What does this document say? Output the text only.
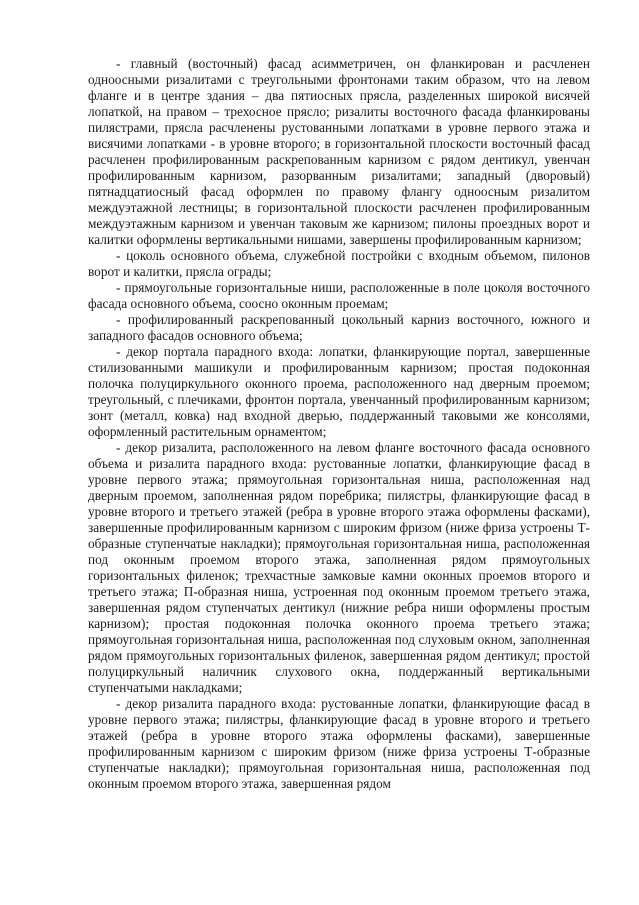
- главный (восточный) фасад асимметричен, он фланкирован и расчленен одноосными ризалитами с треугольными фронтонами таким образом, что на левом фланге и в центре здания – два пятиосных прясла, разделенных широкой висячей лопаткой, на правом – трехосное прясло; ризалиты восточного фасада фланкированы пилястрами, прясла расчленены рустованными лопатками в уровне первого этажа и висячими лопатками - в уровне второго; в горизонтальной плоскости восточный фасад расчленен профилированным раскрепованным карнизом с рядом дентикул, увенчан профилированным карнизом, разорванным ризалитами; западный (дворовый) пятнадцатиосный фасад оформлен по правому флангу одноосным ризалитом междуэтажной лестницы; в горизонтальной плоскости расчленен профилированным междуэтажным карнизом и увенчан таковым же карнизом; пилоны проездных ворот и калитки оформлены вертикальными нишами, завершены профилированным карнизом;

- цоколь основного объема, служебной постройки с входным объемом, пилонов ворот и калитки, прясла ограды;

- прямоугольные горизонтальные ниши, расположенные в поле цоколя восточного фасада основного объема, соосно оконным проемам;

- профилированный раскрепованный цокольный карниз восточного, южного и западного фасадов основного объема;

- декор портала парадного входа: лопатки, фланкирующие портал, завершенные стилизованными машикули и профилированным карнизом; простая подоконная полочка полуциркульного оконного проема, расположенного над дверным проемом; треугольный, с плечиками, фронтон портала, увенчанный профилированным карнизом; зонт (металл, ковка) над входной дверью, поддержанный таковыми же консолями, оформленный растительным орнаментом;

- декор ризалита, расположенного на левом фланге восточного фасада основного объема и ризалита парадного входа: рустованные лопатки, фланкирующие фасад в уровне первого этажа; прямоугольная горизонтальная ниша, расположенная над дверным проемом, заполненная рядом поребрика; пилястры, фланкирующие фасад в уровне второго и третьего этажей (ребра в уровне второго этажа оформлены фасками), завершенные профилированным карнизом с широким фризом (ниже фриза устроены Т-образные ступенчатые накладки); прямоугольная горизонтальная ниша, расположенная под оконным проемом второго этажа, заполненная рядом прямоугольных горизонтальных филенок; трехчастные замковые камни оконных проемов второго и третьего этажа; П-образная ниша, устроенная под оконным проемом третьего этажа, завершенная рядом ступенчатых дентикул (нижние ребра ниши оформлены простым карнизом); простая подоконная полочка оконного проема третьего этажа; прямоугольная горизонтальная ниша, расположенная под слуховым окном, заполненная рядом прямоугольных горизонтальных филенок, завершенная рядом дентикул; простой полуциркульный наличник слухового окна, поддержанный вертикальными ступенчатыми накладками;

- декор ризалита парадного входа: рустованные лопатки, фланкирующие фасад в уровне первого этажа; пилястры, фланкирующие фасад в уровне второго и третьего этажей (ребра в уровне второго этажа оформлены фасками), завершенные профилированным карнизом с широким фризом (ниже фриза устроены Т-образные ступенчатые накладки); прямоугольная горизонтальная ниша, расположенная под оконным проемом второго этажа, завершенная рядом
